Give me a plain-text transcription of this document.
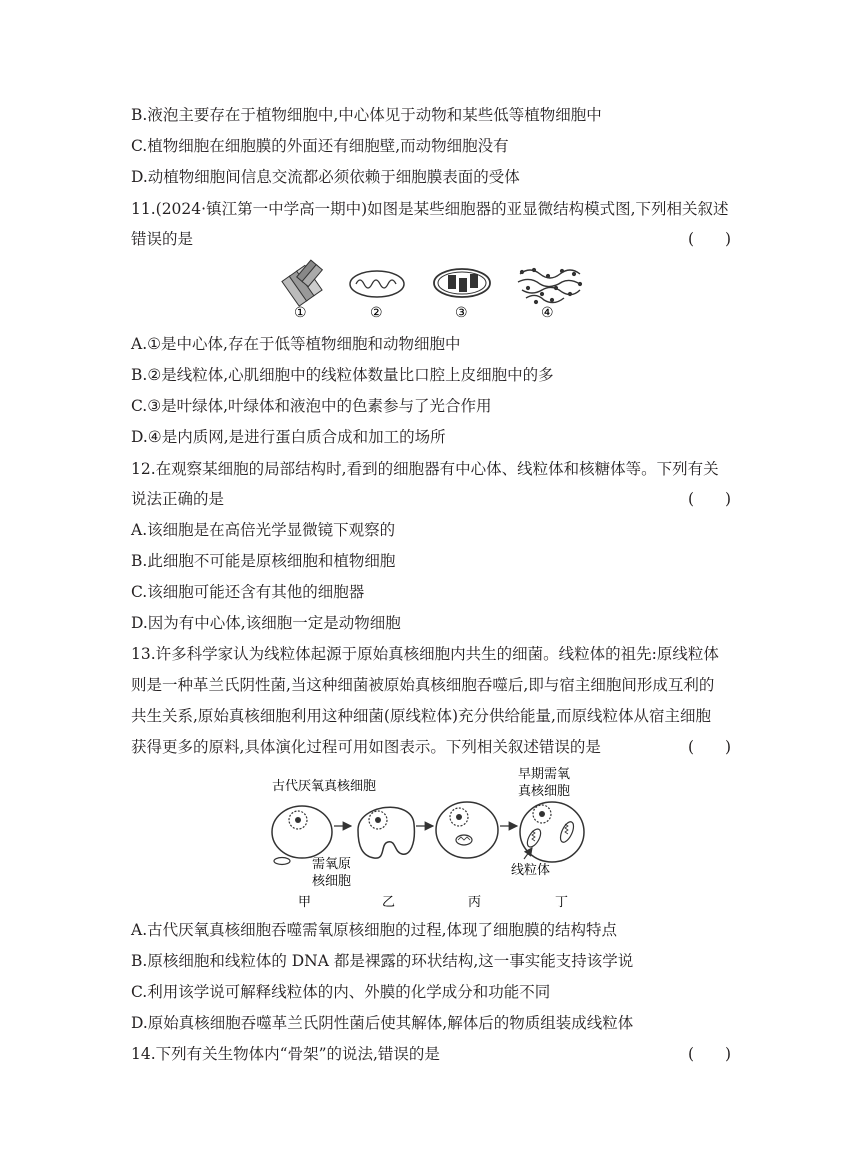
B.液泡主要存在于植物细胞中,中心体见于动物和某些低等植物细胞中
C.植物细胞在细胞膜的外面还有细胞壁,而动物细胞没有
D.动植物细胞间信息交流都必须依赖于细胞膜表面的受体
11.(2024·镇江第一中学高一期中)如图是某些细胞器的亚显微结构模式图,下列相关叙述
错误的是	(　　)
①	②	③	④
A.①是中心体,存在于低等植物细胞和动物细胞中
B.②是线粒体,心肌细胞中的线粒体数量比口腔上皮细胞中的多
C.③是叶绿体,叶绿体和液泡中的色素参与了光合作用
D.④是内质网,是进行蛋白质合成和加工的场所
12.在观察某细胞的局部结构时,看到的细胞器有中心体、线粒体和核糖体等。下列有关
说法正确的是	(　　)
A.该细胞是在高倍光学显微镜下观察的
B.此细胞不可能是原核细胞和植物细胞
C.该细胞可能还含有其他的细胞器
D.因为有中心体,该细胞一定是动物细胞
13.许多科学家认为线粒体起源于原始真核细胞内共生的细菌。线粒体的祖先:原线粒体
则是一种革兰氏阴性菌,当这种细菌被原始真核细胞吞噬后,即与宿主细胞间形成互利的
共生关系,原始真核细胞利用这种细菌(原线粒体)充分供给能量,而原线粒体从宿主细胞
获得更多的原料,具体演化过程可用如图表示。下列相关叙述错误的是	(　　)
古代厌氧真核细胞
早期需氧
真核细胞
需氧原
核细胞
线粒体
甲	乙	丙	丁
A.古代厌氧真核细胞吞噬需氧原核细胞的过程,体现了细胞膜的结构特点
B.原核细胞和线粒体的 DNA 都是裸露的环状结构,这一事实能支持该学说
C.利用该学说可解释线粒体的内、外膜的化学成分和功能不同
D.原始真核细胞吞噬革兰氏阴性菌后使其解体,解体后的物质组装成线粒体
14.下列有关生物体内“骨架”的说法,错误的是	(　　)
